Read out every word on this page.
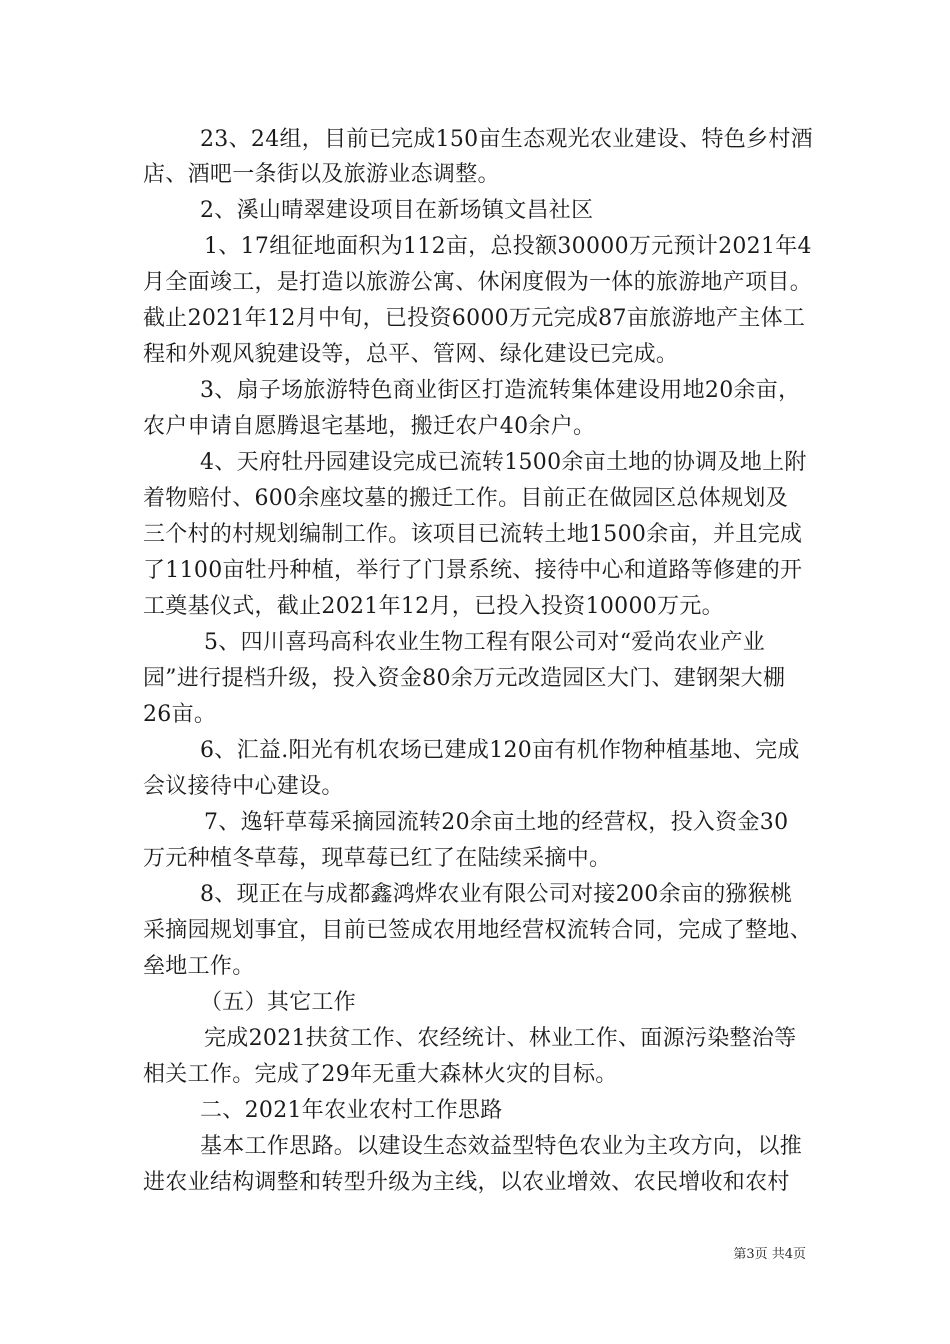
23、24组，目前已完成150亩生态观光农业建设、特色乡村酒
店、酒吧一条街以及旅游业态调整。
2、溪山晴翠建设项目在新场镇文昌社区
1、17组征地面积为112亩，总投额30000万元预计2021年4
月全面竣工，是打造以旅游公寓、休闲度假为一体的旅游地产项目。
截止2021年12月中旬，已投资6000万元完成87亩旅游地产主体工
程和外观风貌建设等，总平、管网、绿化建设已完成。
3、扇子场旅游特色商业街区打造流转集体建设用地20余亩，
农户申请自愿腾退宅基地，搬迁农户40余户。
4、天府牡丹园建设完成已流转1500余亩土地的协调及地上附
着物赔付、600余座坟墓的搬迁工作。目前正在做园区总体规划及
三个村的村规划编制工作。该项目已流转土地1500余亩，并且完成
了1100亩牡丹种植，举行了门景系统、接待中心和道路等修建的开
工奠基仪式，截止2021年12月，已投入投资10000万元。
5、四川喜玛高科农业生物工程有限公司对“爱尚农业产业
园”进行提档升级，投入资金80余万元改造园区大门、建钢架大棚
26亩。
6、汇益.阳光有机农场已建成120亩有机作物种植基地、完成
会议接待中心建设。
7、逸轩草莓采摘园流转20余亩土地的经营权，投入资金30
万元种植冬草莓，现草莓已红了在陆续采摘中。
8、现正在与成都鑫鸿烨农业有限公司对接200余亩的猕猴桃
采摘园规划事宜，目前已签成农用地经营权流转合同，完成了整地、
垒地工作。
（五）其它工作
完成2021扶贫工作、农经统计、林业工作、面源污染整治等
相关工作。完成了29年无重大森林火灾的目标。
二、2021年农业农村工作思路
基本工作思路。以建设生态效益型特色农业为主攻方向，以推
进农业结构调整和转型升级为主线，以农业增效、农民增收和农村
第3页 共4页
